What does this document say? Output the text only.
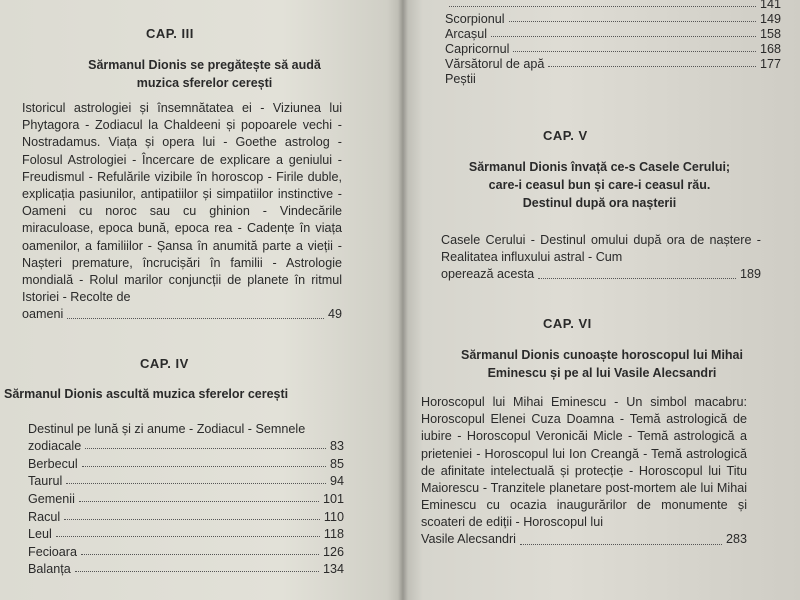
CAP. III
Sărmanul Dionis se pregătește să audă
muzica sferelor cerești
Istoricul astrologiei și însemnătatea ei - Viziunea lui Phytagora - Zodiacul la Chaldeeni și popoarele vechi - Nostradamus. Viața și opera lui - Goethe astrolog - Folosul Astrologiei - Încercare de explicare a geniului - Freudismul - Refulările vizibile în horoscop - Firile duble, explicația pasiunilor, antipatiilor și simpatiilor instinctive - Oameni cu noroc sau cu ghinion - Vindecările miraculoase, epoca bună, epoca rea - Cadențe în viața oamenilor, a familiilor - Șansa în anumită parte a vieții - Nașteri premature, încrucișări în familii - Astrologie mondială - Rolul marilor conjuncții de planete în ritmul Istoriei - Recolte de
oameni	49
CAP. IV
Sărmanul Dionis ascultă muzica sferelor cerești
Destinul pe lună și zi anume - Zodiacul - Semnele
zodiacale	83
Berbecul	85
Taurul	94
Gemenii	101
Racul	110
Leul	118
Fecioara	126
Balanța	134
141
Scorpionul	149
Arcașul	158
Capricornul	168
Vărsătorul de apă	177
Peștii
CAP. V
Sărmanul Dionis învață ce-s Casele Cerului;
care-i ceasul bun și care-i ceasul rău.
Destinul după ora nașterii
Casele Cerului - Destinul omului după ora de naștere - Realitatea influxului astral - Cum
operează acesta	189
CAP. VI
Sărmanul Dionis cunoaște horoscopul lui Mihai
Eminescu și pe al lui Vasile Alecsandri
Horoscopul lui Mihai Eminescu - Un simbol macabru: Horoscopul Elenei Cuza Doamna - Temă astrologică de iubire - Horoscopul Veronicăi Micle - Temă astrologică a prieteniei - Horoscopul lui Ion Creangă - Temă astrologică de afinitate intelectuală și protecție - Horoscopul lui Titu Maiorescu - Tranzitele planetare post-mortem ale lui Mihai Eminescu cu ocazia inaugurărilor de monumente și scoateri de ediții - Horoscopul lui
Vasile Alecsandri	283
